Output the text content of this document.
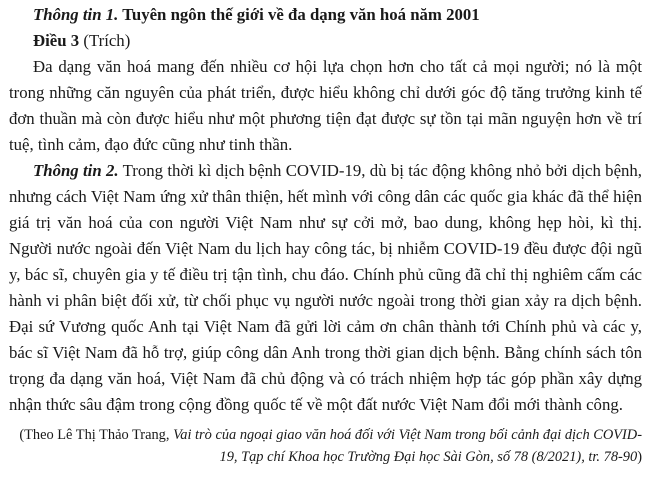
Thông tin 1. Tuyên ngôn thế giới về đa dạng văn hoá năm 2001

Điều 3 (Trích)

Đa dạng văn hoá mang đến nhiều cơ hội lựa chọn hơn cho tất cả mọi người; nó là một trong những căn nguyên của phát triển, được hiểu không chỉ dưới góc độ tăng trưởng kinh tế đơn thuần mà còn được hiểu như một phương tiện đạt được sự tồn tại mãn nguyện hơn về trí tuệ, tình cảm, đạo đức cũng như tinh thần.

Thông tin 2. Trong thời kì dịch bệnh COVID-19, dù bị tác động không nhỏ bởi dịch bệnh, nhưng cách Việt Nam ứng xử thân thiện, hết mình với công dân các quốc gia khác đã thể hiện giá trị văn hoá của con người Việt Nam như sự cởi mở, bao dung, không hẹp hòi, kì thị. Người nước ngoài đến Việt Nam du lịch hay công tác, bị nhiễm COVID-19 đều được đội ngũ y, bác sĩ, chuyên gia y tế điều trị tận tình, chu đáo. Chính phủ cũng đã chỉ thị nghiêm cấm các hành vi phân biệt đối xử, từ chối phục vụ người nước ngoài trong thời gian xảy ra dịch bệnh. Đại sứ Vương quốc Anh tại Việt Nam đã gửi lời cảm ơn chân thành tới Chính phủ và các y, bác sĩ Việt Nam đã hỗ trợ, giúp công dân Anh trong thời gian dịch bệnh. Bằng chính sách tôn trọng đa dạng văn hoá, Việt Nam đã chủ động và có trách nhiệm hợp tác góp phần xây dựng nhận thức sâu đậm trong cộng đồng quốc tế về một đất nước Việt Nam đổi mới thành công.

(Theo Lê Thị Thảo Trang, Vai trò của ngoại giao văn hoá đối với Việt Nam trong bối cảnh đại dịch COVID-19, Tạp chí Khoa học Trường Đại học Sài Gòn, số 78 (8/2021), tr. 78-90)
